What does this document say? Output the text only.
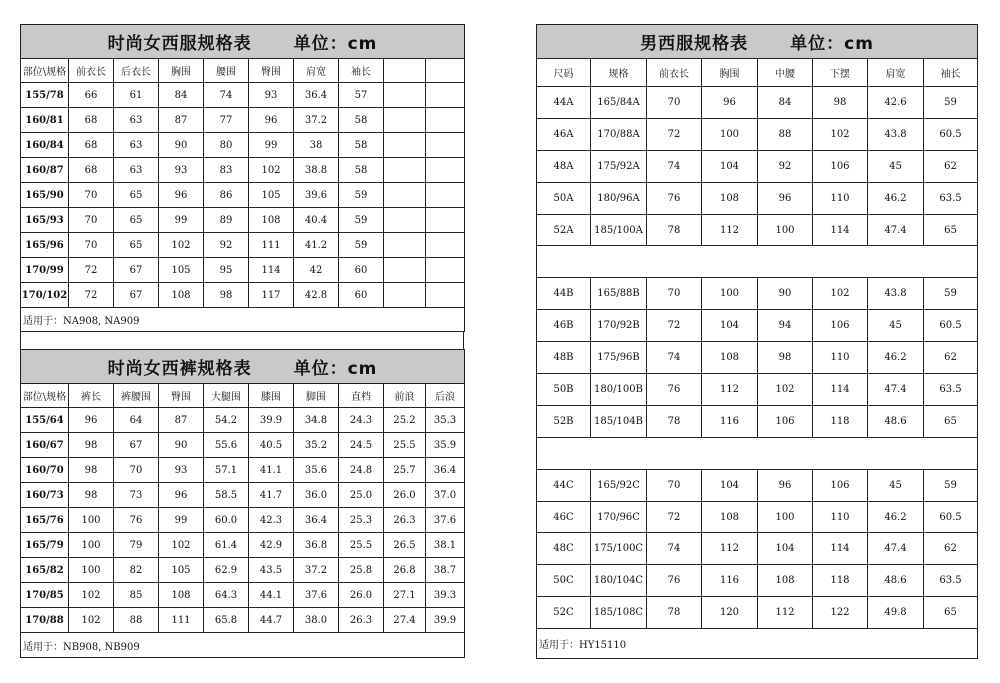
时尚女西服规格表 单位：cm									
部位\规格	前衣长	后衣长	胸围	腰围	臀围	肩宽	袖长		
155/78	66	61	84	74	93	36.4	57		
160/81	68	63	87	77	96	37.2	58		
160/84	68	63	90	80	99	38	58		
160/87	68	63	93	83	102	38.8	58		
165/90	70	65	96	86	105	39.6	59		
165/93	70	65	99	89	108	40.4	59		
165/96	70	65	102	92	111	41.2	59		
170/99	72	67	105	95	114	42	60		
170/102	72	67	108	98	117	42.8	60		
适用于：NA908, NA909									
时尚女西裤规格表 单位：cm									
部位\规格	裤长	裤腰围	臀围	大腿围	膝围	脚围	直档	前浪	后浪
155/64	96	64	87	54.2	39.9	34.8	24.3	25.2	35.3
160/67	98	67	90	55.6	40.5	35.2	24.5	25.5	35.9
160/70	98	70	93	57.1	41.1	35.6	24.8	25.7	36.4
160/73	98	73	96	58.5	41.7	36.0	25.0	26.0	37.0
165/76	100	76	99	60.0	42.3	36.4	25.3	26.3	37.6
165/79	100	79	102	61.4	42.9	36.8	25.5	26.5	38.1
165/82	100	82	105	62.9	43.5	37.2	25.8	26.8	38.7
170/85	102	85	108	64.3	44.1	37.6	26.0	27.1	39.3
170/88	102	88	111	65.8	44.7	38.0	26.3	27.4	39.9
适用于：NB908, NB909									
男西服规格表 单位：cm							
尺码	规格	前衣长	胸围	中腰	下摆	肩宽	袖长
44A	165/84A	70	96	84	98	42.6	59
46A	170/88A	72	100	88	102	43.8	60.5
48A	175/92A	74	104	92	106	45	62
50A	180/96A	76	108	96	110	46.2	63.5
52A	185/100A	78	112	100	114	47.4	65

44B	165/88B	70	100	90	102	43.8	59
46B	170/92B	72	104	94	106	45	60.5
48B	175/96B	74	108	98	110	46.2	62
50B	180/100B	76	112	102	114	47.4	63.5
52B	185/104B	78	116	106	118	48.6	65

44C	165/92C	70	104	96	106	45	59
46C	170/96C	72	108	100	110	46.2	60.5
48C	175/100C	74	112	104	114	47.4	62
50C	180/104C	76	116	108	118	48.6	63.5
52C	185/108C	78	120	112	122	49.8	65
适用于：HY15110							
